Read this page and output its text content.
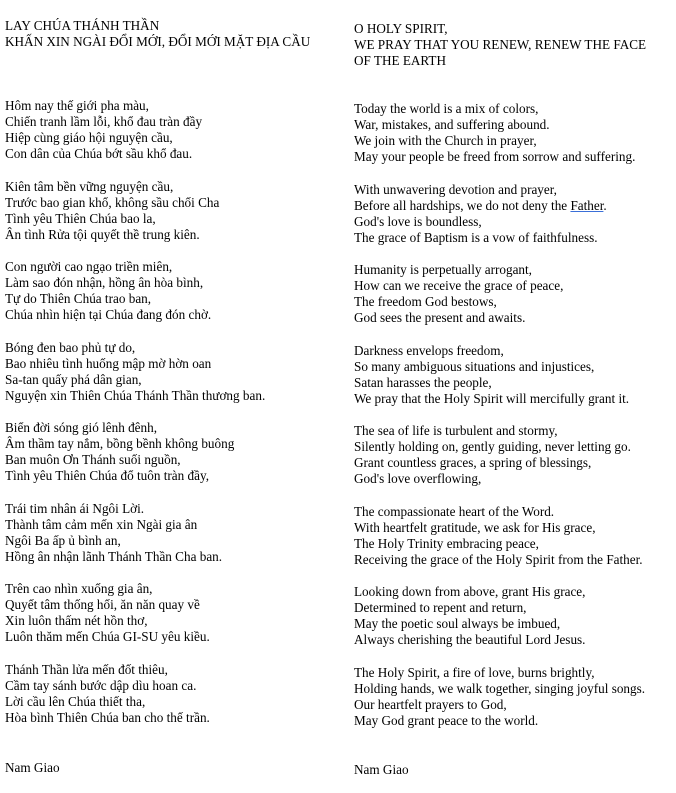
LAY CHÚA THÁNH THẦN
KHẤN XIN NGÀI ĐỔI MỚI, ĐỔI MỚI MẶT ĐỊA CẦU
Hôm nay thế giới pha màu,
Chiến tranh lầm lỗi, khổ đau tràn đầy
Hiệp cùng giáo hội nguyện cầu,
Con dân của Chúa bớt sầu khổ đau.
Kiên tâm bền vững nguyện cầu,
Trước bao gian khổ, không sầu chối Cha
Tình yêu Thiên Chúa bao la,
Ân tình Rửa tội quyết thề trung kiên.
Con người cao ngạo triền miên,
Làm sao đón nhận, hồng ân hòa bình,
Tự do Thiên Chúa trao ban,
Chúa nhìn hiện tại Chúa đang đón chờ.
Bóng đen bao phủ tự do,
Bao nhiêu tình huống mập mờ hờn oan
Sa-tan quấy phá dân gian,
Nguyện xin Thiên Chúa Thánh Thần thương ban.
Biển đời sóng gió lênh đênh,
Âm thầm tay nắm, bồng bềnh không buông
Ban muôn Ơn Thánh suối nguồn,
Tình yêu Thiên Chúa đổ tuôn tràn đầy,
Trái tim nhân ái Ngôi Lời.
Thành tâm cảm mến xin Ngài gia ân
Ngôi Ba ấp ủ bình an,
Hồng ân nhận lãnh Thánh Thần Cha ban.
Trên cao nhìn xuống gia ân,
Quyết tâm thống hối, ăn năn quay về
Xin luôn thấm nét hồn thơ,
Luôn thăm mến Chúa GI-SU yêu kiều.
Thánh Thần lửa mến đốt thiêu,
Cầm tay sánh bước dập dìu hoan ca.
Lời cầu lên Chúa thiết tha,
Hòa bình Thiên Chúa ban cho thế trần.
Nam Giao
O HOLY SPIRIT,
WE PRAY THAT YOU RENEW, RENEW THE FACE
OF THE EARTH
Today the world is a mix of colors,
War, mistakes, and suffering abound.
We join with the Church in prayer,
May your people be freed from sorrow and suffering.
With unwavering devotion and prayer,
Before all hardships, we do not deny the Father.
God's love is boundless,
The grace of Baptism is a vow of faithfulness.
Humanity is perpetually arrogant,
How can we receive the grace of peace,
The freedom God bestows,
God sees the present and awaits.
Darkness envelops freedom,
So many ambiguous situations and injustices,
Satan harasses the people,
We pray that the Holy Spirit will mercifully grant it.
The sea of life is turbulent and stormy,
Silently holding on, gently guiding, never letting go.
Grant countless graces, a spring of blessings,
God's love overflowing,
The compassionate heart of the Word.
With heartfelt gratitude, we ask for His grace,
The Holy Trinity embracing peace,
Receiving the grace of the Holy Spirit from the Father.
Looking down from above, grant His grace,
Determined to repent and return,
May the poetic soul always be imbued,
Always cherishing the beautiful Lord Jesus.
The Holy Spirit, a fire of love, burns brightly,
Holding hands, we walk together, singing joyful songs.
Our heartfelt prayers to God,
May God grant peace to the world.
Nam Giao
